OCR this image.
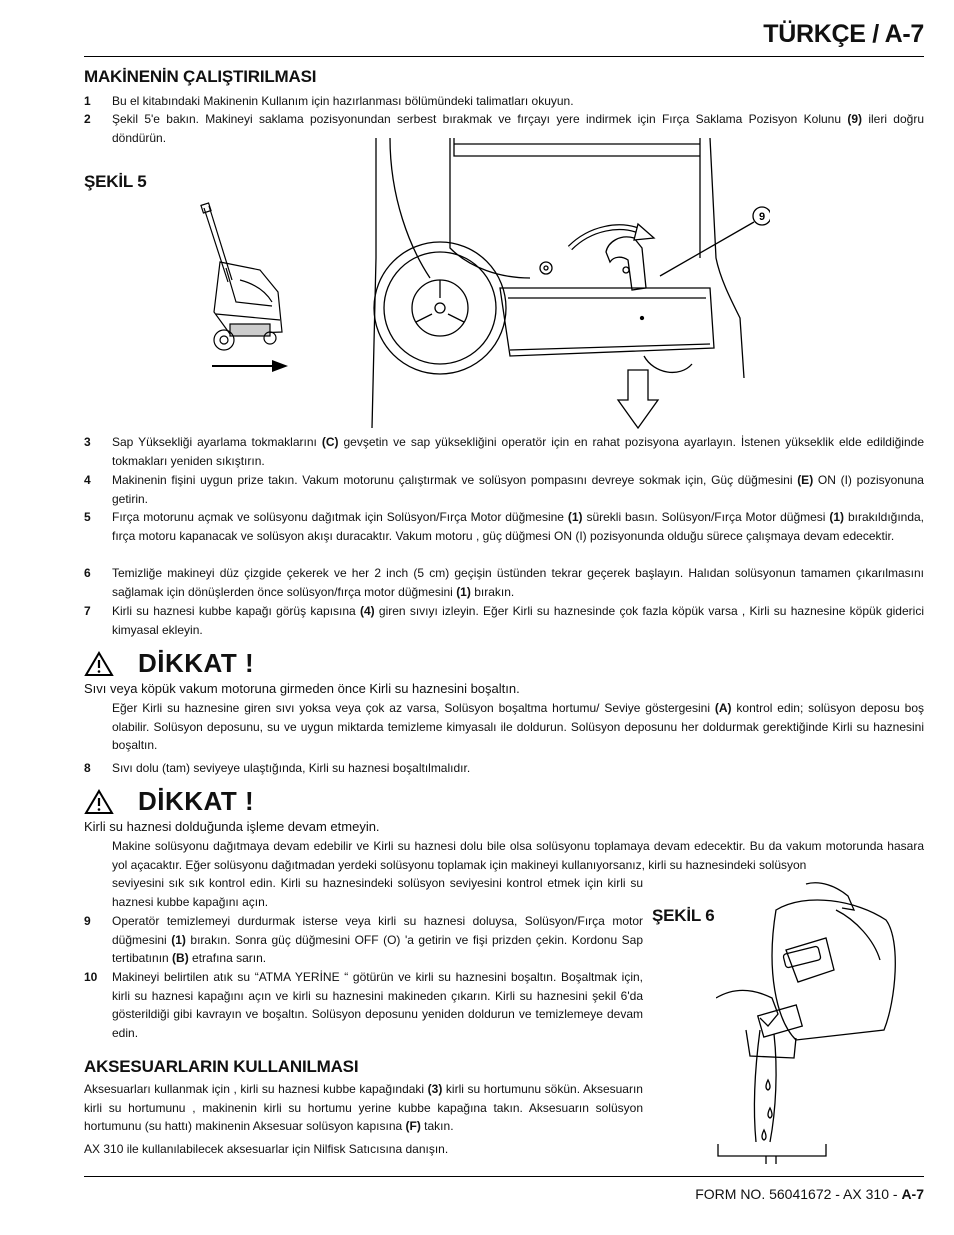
TÜRKÇE / A-7
MAKİNENİN ÇALIŞTIRILMASI
1 Bu el kitabındaki Makinenin Kullanım için hazırlanması bölümündeki talimatları okuyun.
2 Şekil 5'e bakın. Makineyi saklama pozisyonundan serbest bırakmak ve fırçayı yere indirmek için Fırça Saklama Pozisyon Kolunu (9) ileri doğru döndürün.
ŞEKİL 5
9
3 Sap Yüksekliği ayarlama tokmaklarını (C) gevşetin ve sap yüksekliğini operatör için en rahat pozisyona ayarlayın. İstenen yükseklik elde edildiğinde tokmakları yeniden sıkıştırın.
4 Makinenin fişini uygun prize takın. Vakum motorunu çalıştırmak ve solüsyon pompasını devreye sokmak için, Güç düğmesini (E) ON (I) pozisyonuna getirin.
5 Fırça motorunu açmak ve solüsyonu dağıtmak için Solüsyon/Fırça Motor düğmesine (1) sürekli basın. Solüsyon/Fırça Motor düğmesi (1) bırakıldığında, fırça motoru kapanacak ve solüsyon akışı duracaktır. Vakum motoru , güç düğmesi ON (I) pozisyonunda olduğu sürece çalışmaya devam edecektir.
6 Temizliğe makineyi düz çizgide çekerek ve her 2 inch (5 cm) geçişin üstünden tekrar geçerek başlayın. Halıdan solüsyonun tamamen çıkarılmasını sağlamak için dönüşlerden önce solüsyon/fırça motor düğmesini (1) bırakın.
7 Kirli su haznesi kubbe kapağı görüş kapısına (4) giren sıvıyı izleyin. Eğer Kirli su haznesinde çok fazla köpük varsa , Kirli su haznesine köpük giderici kimyasal ekleyin.
DİKKAT !
Sıvı veya köpük vakum motoruna girmeden önce Kirli su haznesini boşaltın.
Eğer Kirli su haznesine giren sıvı yoksa veya çok az varsa, Solüsyon boşaltma hortumu/ Seviye göstergesini (A) kontrol edin; solüsyon deposu boş olabilir. Solüsyon deposunu, su ve uygun miktarda temizleme kimyasalı ile doldurun. Solüsyon deposunu her doldurmak gerektiğinde Kirli su haznesini boşaltın.
8 Sıvı dolu (tam) seviyeye ulaştığında, Kirli su haznesi boşaltılmalıdır.
DİKKAT !
Kirli su haznesi dolduğunda işleme devam etmeyin.
Makine solüsyonu dağıtmaya devam edebilir ve Kirli su haznesi dolu bile olsa solüsyonu toplamaya devam edecektir. Bu da vakum motorunda hasara yol açacaktır. Eğer solüsyonu dağıtmadan yerdeki solüsyonu toplamak için makineyi kullanıyorsanız, kirli su haznesindeki solüsyon
seviyesini sık sık kontrol edin. Kirli su haznesindeki solüsyon seviyesini kontrol etmek için kirli su haznesi kubbe kapağını açın.
9 Operatör temizlemeyi durdurmak isterse veya kirli su haznesi doluysa, Solüsyon/Fırça motor düğmesini (1) bırakın. Sonra güç düğmesini OFF (O) 'a getirin ve fişi prizden çekin. Kordonu Sap tertibatının (B) etrafına sarın.
10 Makineyi belirtilen atık su “ATMA YERİNE “ götürün ve kirli su haznesini boşaltın. Boşaltmak için, kirli su haznesi kapağını açın ve kirli su haznesini makineden çıkarın. Kirli su haznesini şekil 6'da gösterildiği gibi kavrayın ve boşaltın. Solüsyon deposunu yeniden doldurun ve temizlemeye devam edin.
ŞEKİL 6
AKSESUARLARIN KULLANILMASI
Aksesuarları kullanmak için , kirli su haznesi kubbe kapağındaki (3) kirli su hortumunu sökün. Aksesuarın kirli su hortumunu , makinenin kirli su hortumu yerine kubbe kapağına takın. Aksesuarın solüsyon hortumunu (su hattı) makinenin Aksesuar solüsyon kapısına (F) takın.
AX 310 ile kullanılabilecek aksesuarlar için Nilfisk Satıcısına danışın.
FORM NO. 56041672 - AX 310 - A-7
